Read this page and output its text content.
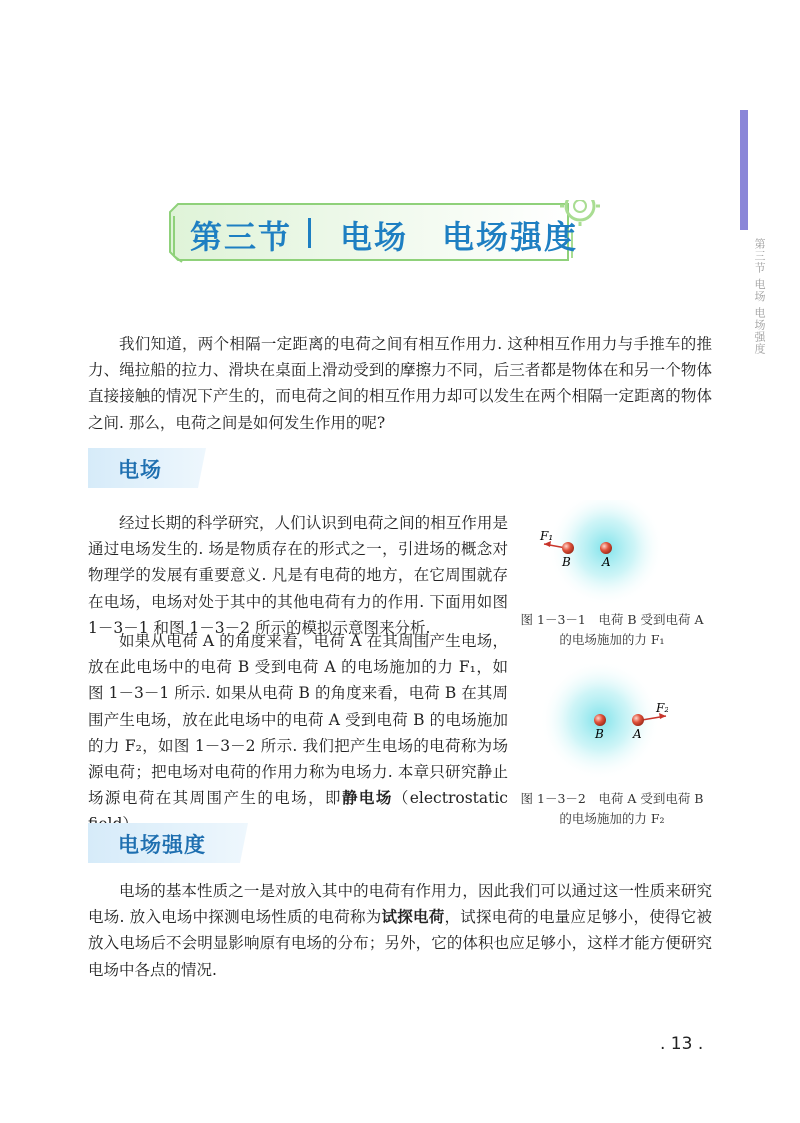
第三节 电场 电场强度
第三节 电场　电场强度

我们知道，两个相隔一定距离的电荷之间有相互作用力. 这种相互作用力与手推车的推力、绳拉船的拉力、滑块在桌面上滑动受到的摩擦力不同，后三者都是物体在和另一个物体直接接触的情况下产生的，而电荷之间的相互作用力却可以发生在两个相隔一定距离的物体之间. 那么，电荷之间是如何发生作用的呢?

电场

经过长期的科学研究，人们认识到电荷之间的相互作用是通过电场发生的. 场是物质存在的形式之一，引进场的概念对物理学的发展有重要意义. 凡是有电荷的地方，在它周围就存在电场，电场对处于其中的其他电荷有力的作用. 下面用如图 1－3－1 和图 1－3－2 所示的模拟示意图来分析.

如果从电荷 A 的角度来看，电荷 A 在其周围产生电场，放在此电场中的电荷 B 受到电荷 A 的电场施加的力 F₁，如图 1－3－1 所示. 如果从电荷 B 的角度来看，电荷 B 在其周围产生电场，放在此电场中的电荷 A 受到电荷 B 的电场施加的力 F₂，如图 1－3－2 所示. 我们把产生电场的电荷称为场源电荷；把电场对电荷的作用力称为电场力. 本章只研究静止场源电荷在其周围产生的电场，即静电场（electrostatic

F₁
B	A
图 1－3－1　电荷 B 受到电荷 A 的电场施加的力 F₁
F₂
B A
图 1－3－2　电荷 A 受到电荷 B 的电场施加的力 F₂
电场强度

电场的基本性质之一是对放入其中的电荷有作用力，因此我们可以通过这一性质来研究电场. 放入电场中探测电场性质的电荷称为试探电荷，试探电荷的电量应足够小，使得它被放入电场后不会明显影响原有电场的分布；另外，它的体积也应足够小，这样才能方便研究电场中各点的情况.

. 13 .
